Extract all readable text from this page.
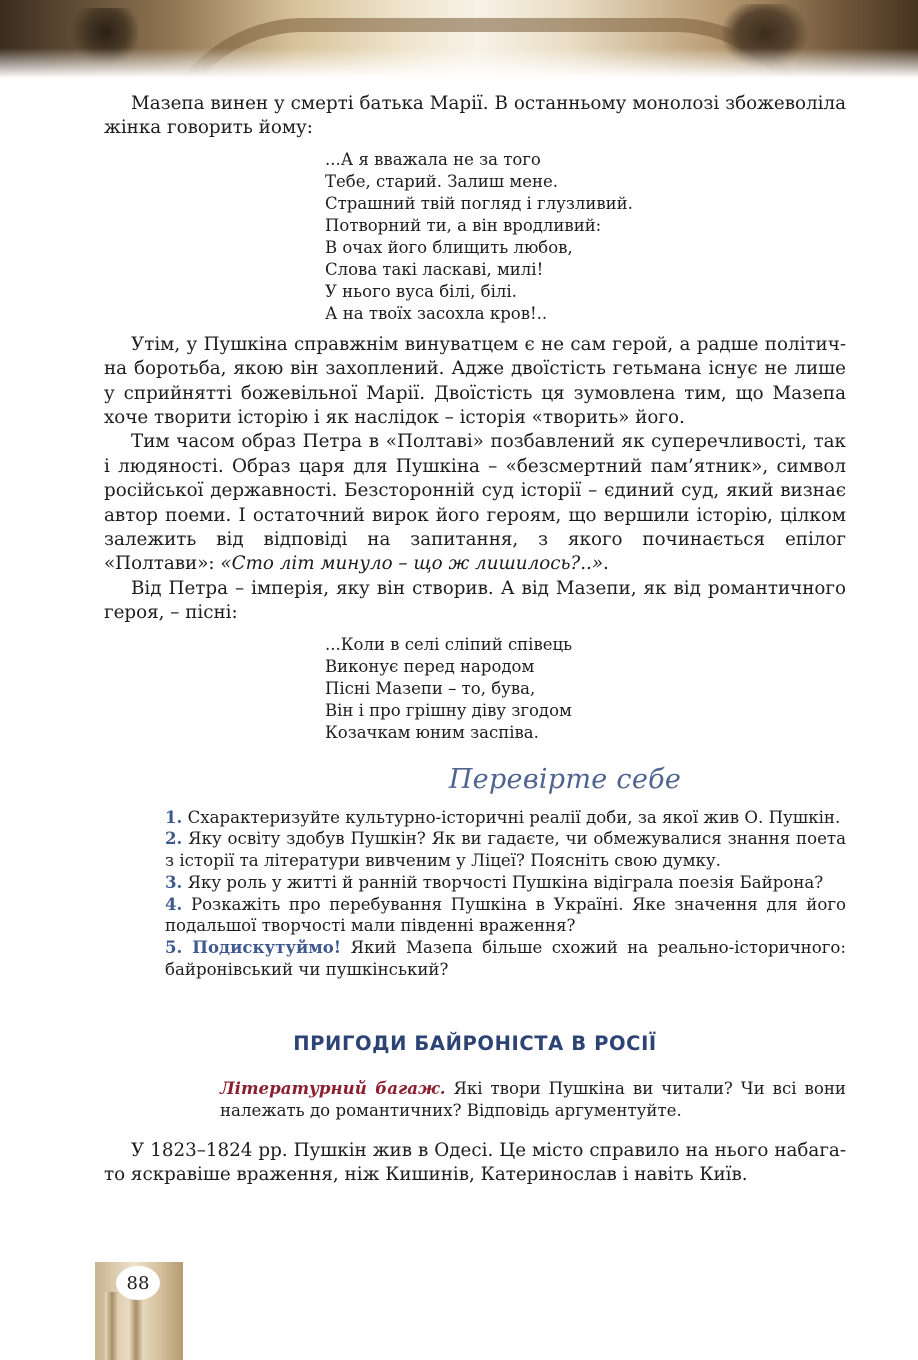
Мазепа винен у смерті батька Марії. В останньому монолозі збожеволіла жінка говорить йому:

...А я вважала не за того
Тебе, старий. Залиш мене.
Страшний твій погляд і глузливий.
Потворний ти, а він вродливий:
В очах його блищить любов,
Слова такі ласкаві, милі!
У нього вуса білі, білі.
А на твоїх засохла кров!..

Утім, у Пушкіна справжнім винуватцем є не сам герой, а радше політична боротьба, якою він захоплений. Адже двоїстість гетьмана існує не лише у сприйнятті божевільної Марії. Двоїстість ця зумовлена тим, що Мазепа хоче творити історію і як наслідок – історія «творить» його.

Тим часом образ Петра в «Полтаві» позбавлений як суперечливості, так і людяності. Образ царя для Пушкіна – «безсмертний пам’ятник», символ російської державності. Безсторонній суд історії – єдиний суд, який визнає автор поеми. І остаточний вирок його героям, що вершили історію, цілком залежить від відповіді на запитання, з якого починається епілог «Полтави»: «Сто літ минуло – що ж лишилось?..».

Від Петра – імперія, яку він створив. А від Мазепи, як від романтичного героя, – пісні:

...Коли в селі сліпий співець
Виконує перед народом
Пісні Мазепи – то, бува,
Він і про грішну діву згодом
Козачкам юним заспіва.
Перевірте себе

1. Схарактеризуйте культурно-історичні реалії доби, за якої жив О. Пушкін.

2. Яку освіту здобув Пушкін? Як ви гадаєте, чи обмежувалися знання поета з історії та літератури вивченим у Ліцеї? Поясніть свою думку.

3. Яку роль у житті й ранній творчості Пушкіна відіграла поезія Байрона?

4. Розкажіть про перебування Пушкіна в Україні. Яке значення для його подальшої творчості мали південні враження?

5. Подискутуймо! Який Мазепа більше схожий на реально-історичного: байронівський чи пушкінський?

ПРИГОДИ БАЙРОНІСТА В РОСІЇ

Літературний багаж. Які твори Пушкіна ви читали? Чи всі вони належать до романтичних? Відповідь аргументуйте.

У 1823–1824 рр. Пушкін жив в Одесі. Це місто справило на нього набагато яскравіше враження, ніж Кишинів, Катеринослав і навіть Київ.

88
